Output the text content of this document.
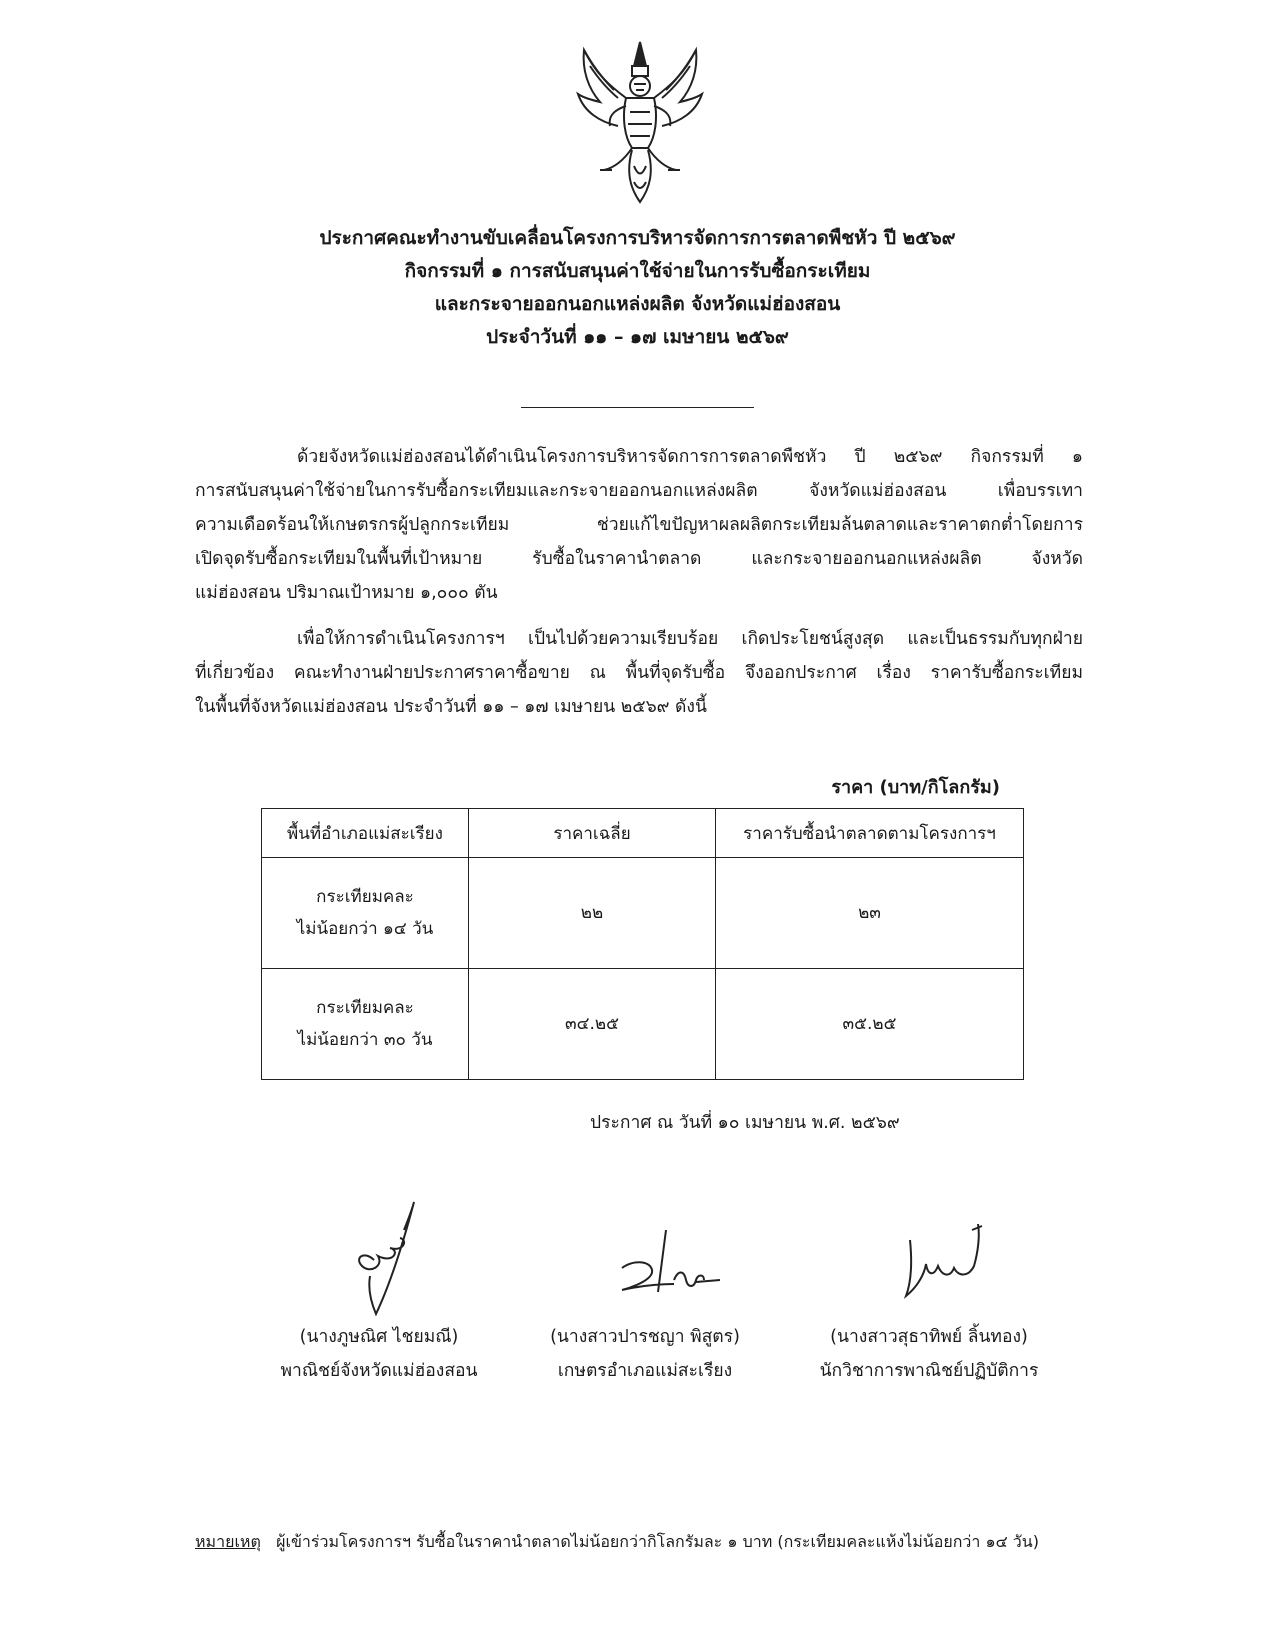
ประกาศคณะทำงานขับเคลื่อนโครงการบริหารจัดการการตลาดพืชหัว ปี ๒๕๖๙
กิจกรรมที่ ๑ การสนับสนุนค่าใช้จ่ายในการรับซื้อกระเทียม
และกระจายออกนอกแหล่งผลิต จังหวัดแม่ฮ่องสอน
ประจำวันที่ ๑๑ – ๑๗ เมษายน ๒๕๖๙
ด้วยจังหวัดแม่ฮ่องสอนได้ดำเนินโครงการบริหารจัดการการตลาดพืชหัว ปี ๒๕๖๙ กิจกรรมที่ ๑
การสนับสนุนค่าใช้จ่ายในการรับซื้อกระเทียมและกระจายออกนอกแหล่งผลิต จังหวัดแม่ฮ่องสอน เพื่อบรรเทา
ความเดือดร้อนให้เกษตรกรผู้ปลูกกระเทียม ช่วยแก้ไขปัญหาผลผลิตกระเทียมล้นตลาดและราคาตกต่ำโดยการ
เปิดจุดรับซื้อกระเทียมในพื้นที่เป้าหมาย รับซื้อในราคานำตลาด และกระจายออกนอกแหล่งผลิต จังหวัด
แม่ฮ่องสอน ปริมาณเป้าหมาย ๑,๐๐๐ ตัน
เพื่อให้การดำเนินโครงการฯ เป็นไปด้วยความเรียบร้อย เกิดประโยชน์สูงสุด และเป็นธรรมกับทุกฝ่าย
ที่เกี่ยวข้อง คณะทำงานฝ่ายประกาศราคาซื้อขาย ณ พื้นที่จุดรับซื้อ จึงออกประกาศ เรื่อง ราคารับซื้อกระเทียม
ในพื้นที่จังหวัดแม่ฮ่องสอน ประจำวันที่ ๑๑ – ๑๗ เมษายน ๒๕๖๙ ดังนี้
ราคา (บาท/กิโลกรัม)
พื้นที่อำเภอแม่สะเรียง	ราคาเฉลี่ย	ราคารับซื้อนำตลาดตามโครงการฯ

กระเทียมคละ
ไม่น้อยกว่า ๑๔ วัน	๒๒	๒๓

กระเทียมคละ
ไม่น้อยกว่า ๓๐ วัน	๓๔.๒๕	๓๕.๒๕
ประกาศ ณ วันที่ ๑๐ เมษายน พ.ศ. ๒๕๖๙
(นางภูษณิศ ไชยมณี)
พาณิชย์จังหวัดแม่ฮ่องสอน
(นางสาวปารชญา พิสูตร)
เกษตรอำเภอแม่สะเรียง
(นางสาวสุธาทิพย์ ลิ้นทอง)
นักวิชาการพาณิชย์ปฏิบัติการ
หมายเหตุ ผู้เข้าร่วมโครงการฯ รับซื้อในราคานำตลาดไม่น้อยกว่ากิโลกรัมละ ๑ บาท (กระเทียมคละแห้งไม่น้อยกว่า ๑๔ วัน)
